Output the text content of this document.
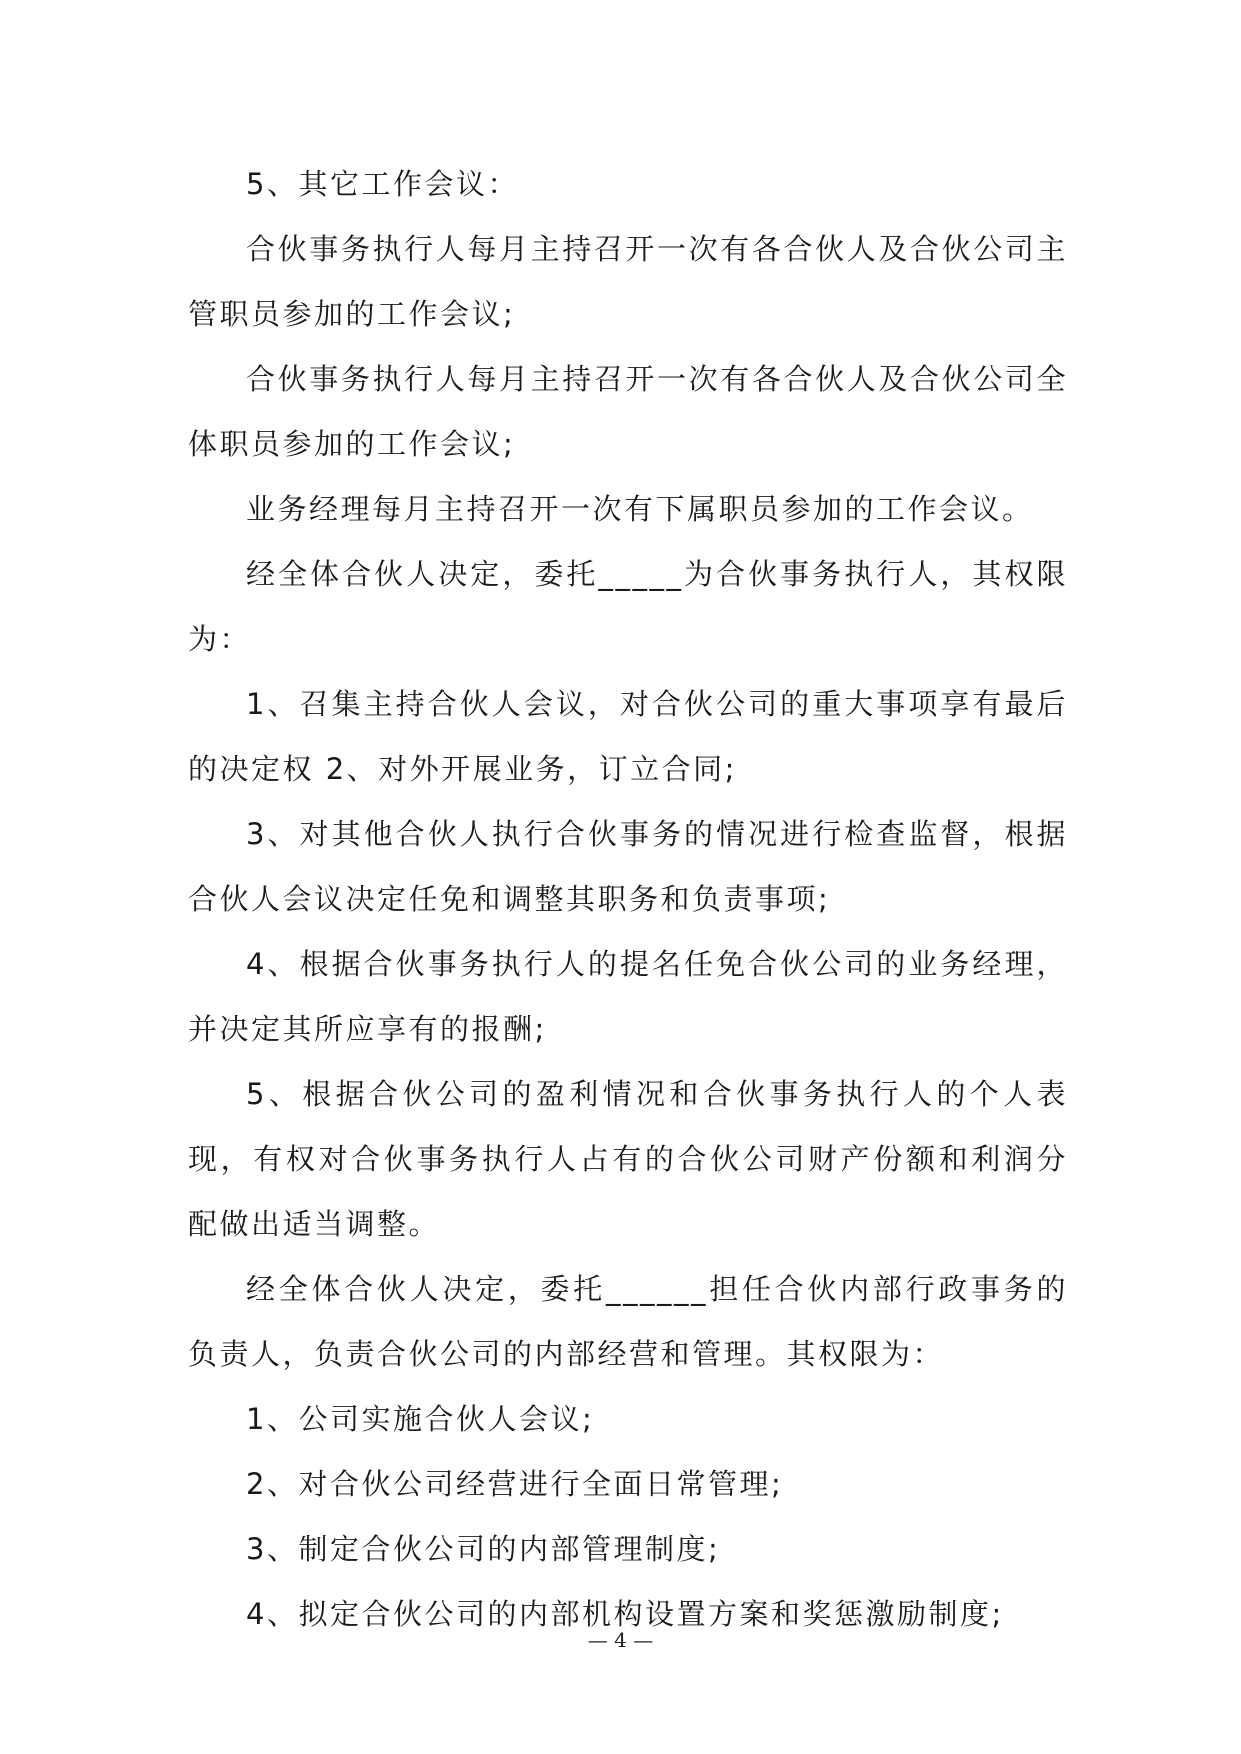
5、其它工作会议：

合伙事务执行人每月主持召开一次有各合伙人及合伙公司主管职员参加的工作会议;

合伙事务执行人每月主持召开一次有各合伙人及合伙公司全体职员参加的工作会议;

业务经理每月主持召开一次有下属职员参加的工作会议。

经全体合伙人决定，委托_____为合伙事务执行人，其权限为：

1、召集主持合伙人会议，对合伙公司的重大事项享有最后的决定权 2、对外开展业务，订立合同;

3、对其他合伙人执行合伙事务的情况进行检查监督，根据合伙人会议决定任免和调整其职务和负责事项;

4、根据合伙事务执行人的提名任免合伙公司的业务经理，并决定其所应享有的报酬;

5、根据合伙公司的盈利情况和合伙事务执行人的个人表现，有权对合伙事务执行人占有的合伙公司财产份额和利润分配做出适当调整。

经全体合伙人决定，委托______担任合伙内部行政事务的负责人，负责合伙公司的内部经营和管理。其权限为：

1、公司实施合伙人会议;

2、对合伙公司经营进行全面日常管理;

3、制定合伙公司的内部管理制度;

4、拟定合伙公司的内部机构设置方案和奖惩激励制度;

— 4 —
